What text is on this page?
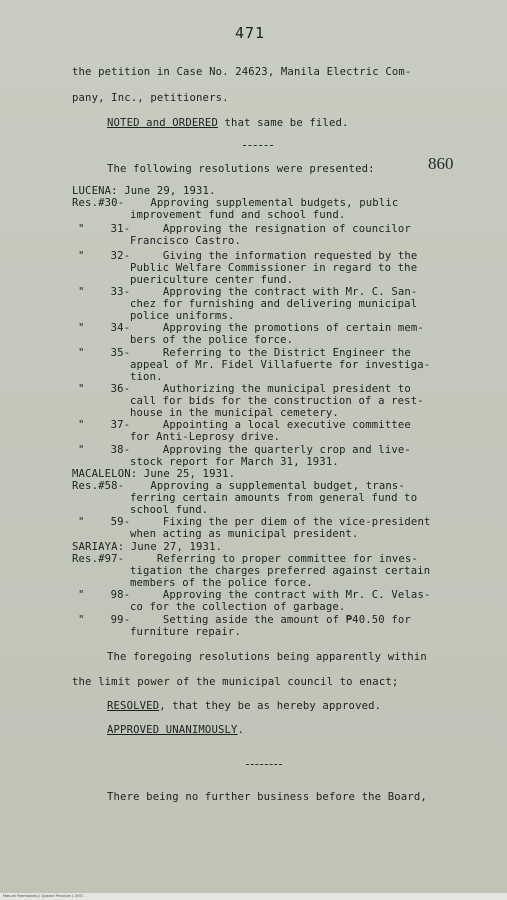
471
860
the petition in Case No. 24623, Manila Electric Com-
pany, Inc., petitioners.
NOTED and ORDERED that same be filed.
The following resolutions were presented:
LUCENA: June 29, 1931.
Res.#30-    Approving supplemental budgets, public
improvement fund and school fund.
"    31-     Approving the resignation of councilor
Francisco Castro.
"    32-     Giving the information requested by the
Public Welfare Commissioner in regard to the
puericulture center fund.
"    33-     Approving the contract with Mr. C. San-
chez for furnishing and delivering municipal
police uniforms.
"    34-     Approving the promotions of certain mem-
bers of the police force.
"    35-     Referring to the District Engineer the
appeal of Mr. Fidel Villafuerte for investiga-
tion.
"    36-     Authorizing the municipal president to
call for bids for the construction of a rest-
house in the municipal cemetery.
"    37-     Appointing a local executive committee
for Anti-Leprosy drive.
"    38-     Approving the quarterly crop and live-
stock report for March 31, 1931.
MACALELON: June 25, 1931.
Res.#58-    Approving a supplemental budget, trans-
ferring certain amounts from general fund to
school fund.
"    59-     Fixing the per diem of the vice-president
when acting as municipal president.
SARIAYA: June 27, 1931.
Res.#97-     Referring to proper committee for inves-
tigation the charges preferred against certain
members of the police force.
"    98-     Approving the contract with Mr. C. Velas-
co for the collection of garbage.
"    99-     Setting aside the amount of ₱40.50 for
furniture repair.
The foregoing resolutions being apparently within
the limit power of the municipal council to enact;
RESOLVED, that they be as hereby approved.
APPROVED UNANIMOUSLY.
There being no further business before the Board,
Manuel Frameworks | Quezon Province | 1931
